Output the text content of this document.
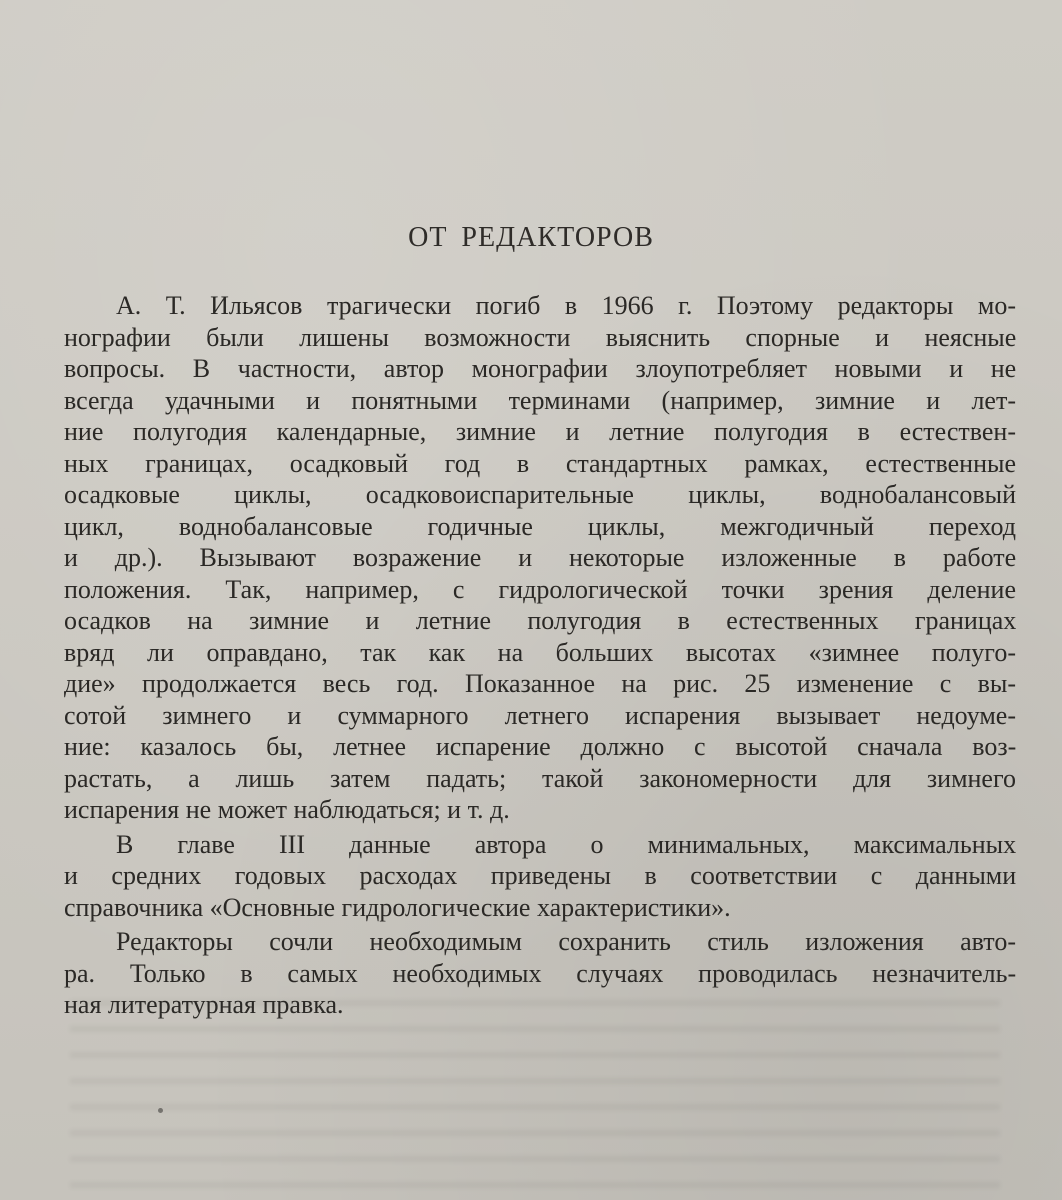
ОТ РЕДАКТОРОВ
А. Т. Ильясов трагически погиб в 1966 г. Поэтому редакторы мо-
нографии были лишены возможности выяснить спорные и неясные
вопросы. В частности, автор монографии злоупотребляет новыми и не
всегда удачными и понятными терминами (например, зимние и лет-
ние полугодия календарные, зимние и летние полугодия в естествен-
ных границах, осадковый год в стандартных рамках, естественные
осадковые циклы, осадковоиспарительные циклы, воднобалансовый
цикл, воднобалансовые годичные циклы, межгодичный переход
и др.). Вызывают возражение и некоторые изложенные в работе
положения. Так, например, с гидрологической точки зрения деление
осадков на зимние и летние полугодия в естественных границах
вряд ли оправдано, так как на больших высотах «зимнее полуго-
дие» продолжается весь год. Показанное на рис. 25 изменение с вы-
сотой зимнего и суммарного летнего испарения вызывает недоуме-
ние: казалось бы, летнее испарение должно с высотой сначала воз-
растать, а лишь затем падать; такой закономерности для зимнего
испарения не может наблюдаться; и т. д.
В главе III данные автора о минимальных, максимальных
и средних годовых расходах приведены в соответствии с данными
справочника «Основные гидрологические характеристики».
Редакторы сочли необходимым сохранить стиль изложения авто-
ра. Только в самых необходимых случаях проводилась незначитель-
ная литературная правка.
